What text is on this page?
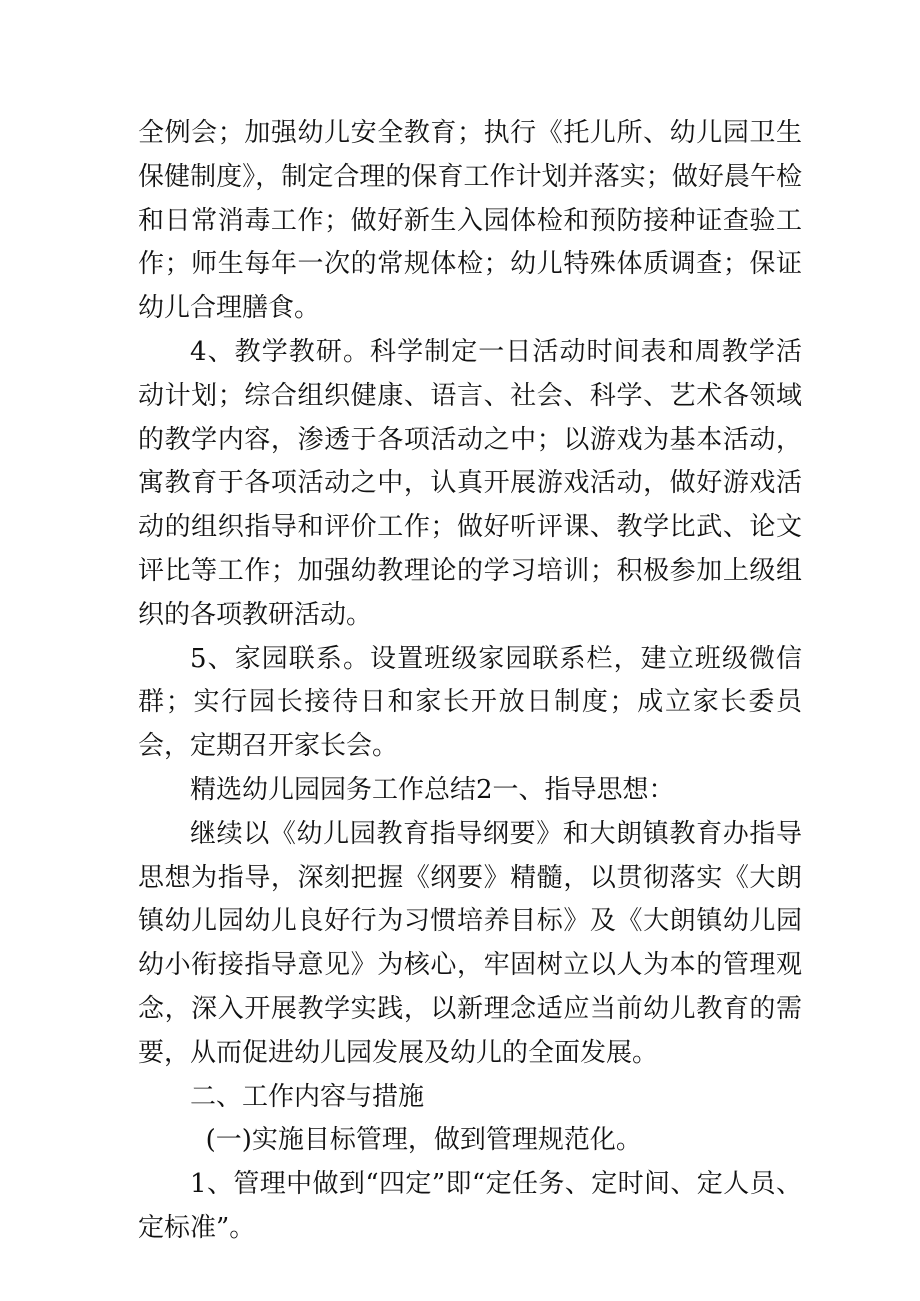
全例会；加强幼儿安全教育；执行《托儿所、幼儿园卫生保健制度》，制定合理的保育工作计划并落实；做好晨午检和日常消毒工作；做好新生入园体检和预防接种证查验工作；师生每年一次的常规体检；幼儿特殊体质调查；保证幼儿合理膳食。

4、教学教研。科学制定一日活动时间表和周教学活动计划；综合组织健康、语言、社会、科学、艺术各领域的教学内容，渗透于各项活动之中；以游戏为基本活动，寓教育于各项活动之中，认真开展游戏活动，做好游戏活动的组织指导和评价工作；做好听评课、教学比武、论文评比等工作；加强幼教理论的学习培训；积极参加上级组织的各项教研活动。

5、家园联系。设置班级家园联系栏，建立班级微信群；实行园长接待日和家长开放日制度；成立家长委员会，定期召开家长会。

精选幼儿园园务工作总结2一、指导思想：

继续以《幼儿园教育指导纲要》和大朗镇教育办指导思想为指导，深刻把握《纲要》精髓，以贯彻落实《大朗镇幼儿园幼儿良好行为习惯培养目标》及《大朗镇幼儿园幼小衔接指导意见》为核心，牢固树立以人为本的管理观念，深入开展教学实践，以新理念适应当前幼儿教育的需要，从而促进幼儿园发展及幼儿的全面发展。

二、工作内容与措施

(一)实施目标管理，做到管理规范化。

1、管理中做到“四定”即“定任务、定时间、定人员、定标准”。
